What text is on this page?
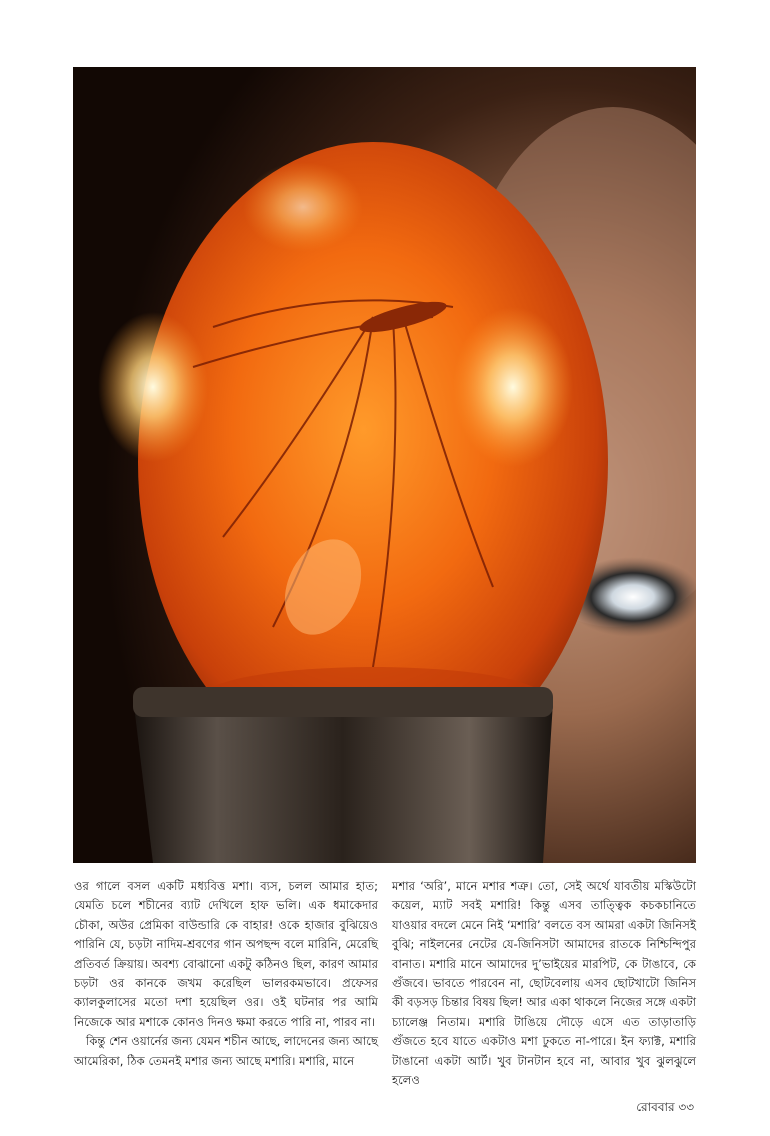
ওর গালে বসল একটি মধ্যবিত্ত মশা। ব্যস, চলল আমার হাত; যেমতি চলে শচীনের ব্যাট দেখিলে হাফ ভলি। এক ধমাকেদার চৌকা, অউর প্রেমিকা বাউন্ডারি কে বাহার! ওকে হাজার বুঝিয়েও পারিনি যে, চড়টা নাদিম-শ্রবণের গান অপছন্দ বলে মারিনি, মেরেছি প্রতিবর্ত ক্রিয়ায়। অবশ্য বোঝানো একটু কঠিনও ছিল, কারণ আমার চড়টা ওর কানকে জখম করেছিল ভালরকমভাবে। প্রফেসর ক্যালকুলাসের মতো দশা হয়েছিল ওর। ওই ঘটনার পর আমি নিজেকে আর মশাকে কোনও দিনও ক্ষমা করতে পারি না, পারব না।

কিন্তু শেন ওয়ার্নের জন্য যেমন শচীন আছে, লাদেনের জন্য আছে আমেরিকা, ঠিক তেমনই মশার জন্য আছে মশারি। মশারি, মানে

মশার ‘অরি’, মানে মশার শত্রু। তো, সেই অর্থে যাবতীয় মস্কিউটো কয়েল, ম্যাট সবই মশারি! কিন্তু এসব তাত্ত্বিক কচকচানিতে যাওয়ার বদলে মেনে নিই ‘মশারি’ বলতে বস আমরা একটা জিনিসই বুঝি; নাইলনের নেটের যে-জিনিসটা আমাদের রাতকে নিশ্চিন্দিপুর বানাত। মশারি মানে আমাদের দু’ভাইয়ের মারপিট, কে টাঙাবে, কে গুঁজবে। ভাবতে পারবেন না, ছোটবেলায় এসব ছোটখাটো জিনিস কী বড়সড় চিন্তার বিষয় ছিল! আর একা থাকলে নিজের সঙ্গে একটা চ্যালেঞ্জ নিতাম। মশারি টাঙিয়ে দৌড়ে এসে এত তাড়াতাড়ি গুঁজতে হবে যাতে একটাও মশা ঢুকতে না-পারে। ইন ফ্যাক্ট, মশারি টাঙানো একটা আর্ট। খুব টানটান হবে না, আবার খুব ঝুলঝুলে হলেও

রোববার ৩৩
